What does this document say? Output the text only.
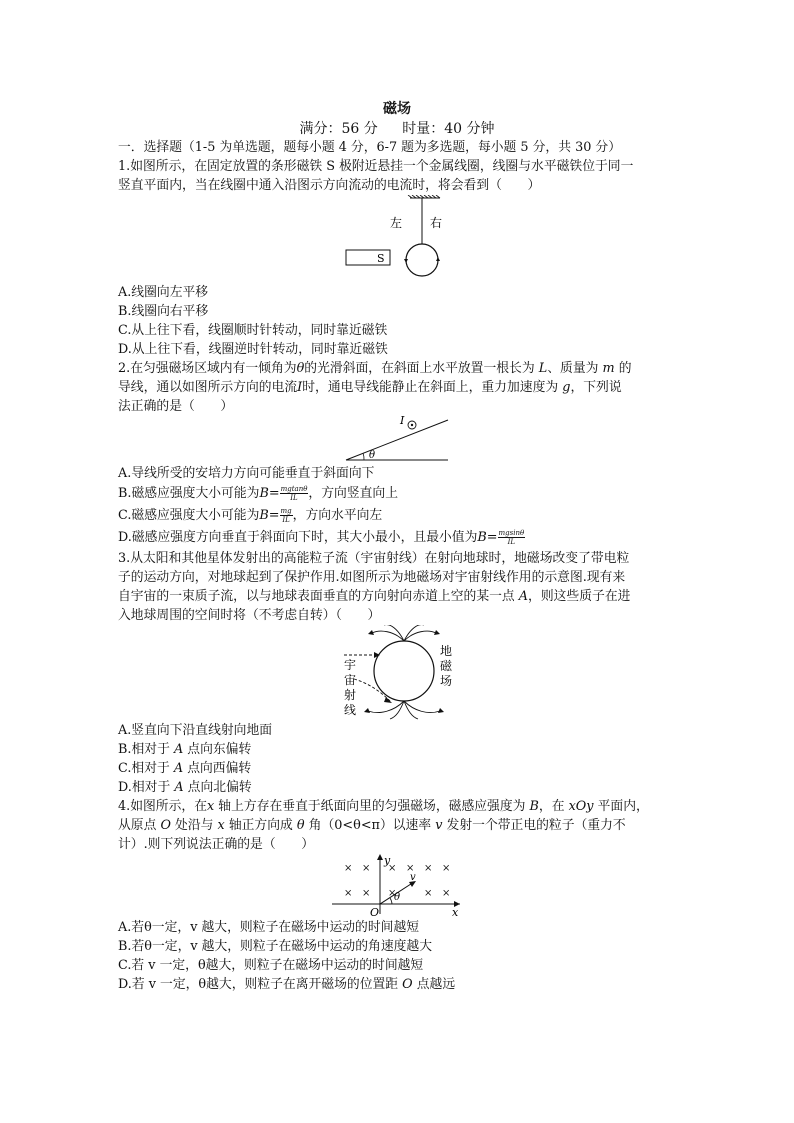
磁场
满分：56 分 时量：40 分钟
一．选择题（1-5 为单选题，题每小题 4 分，6-7 题为多选题，每小题 5 分，共 30 分）
1.如图所示，在固定放置的条形磁铁 S 极附近悬挂一个金属线圈，线圈与水平磁铁位于同一
竖直平面内，当在线圈中通入沿图示方向流动的电流时，将会看到（　　）
左 右
S
A.线圈向左平移
B.线圈向右平移
C.从上往下看，线圈顺时针转动，同时靠近磁铁
D.从上往下看，线圈逆时针转动，同时靠近磁铁
2.在匀强磁场区域内有一倾角为θ的光滑斜面，在斜面上水平放置一根长为 L、质量为 m 的
导线，通以如图所示方向的电流I时，通电导线能静止在斜面上，重力加速度为 g，下列说
法正确的是（　　）
I
θ
A.导线所受的安培力方向可能垂直于斜面向下
B.磁感应强度大小可能为$B= \frac{mgtan\theta}{IL}$ ，方向竖直向上
C.磁感应强度大小可能为$B= \frac{mg}{IL}$ ，方向水平向左
D.磁感应强度方向垂直于斜面向下时，其大小最小，且最小值为$B= \frac{mgsin\theta}{IL}$
3.从太阳和其他星体发射出的高能粒子流（宇宙射线）在射向地球时，地磁场改变了带电粒
子的运动方向，对地球起到了保护作用.如图所示为地磁场对宇宙射线作用的示意图.现有来
自宇宙的一束质子流，以与地球表面垂直的方向射向赤道上空的某一点 A，则这些质子在进
入地球周围的空间时将（不考虑自转）（　　）
地
磁
场
宇
宙
射
线
A.竖直向下沿直线射向地面
B.相对于 A 点向东偏转
C.相对于 A 点向西偏转
D.相对于 A 点向北偏转
4.如图所示，在x 轴上方存在垂直于纸面向里的匀强磁场，磁感应强度为 B，在 xOy 平面内，
从原点 O 处沿与 x 轴正方向成 θ 角（0<θ<π）以速率 v 发射一个带正电的粒子（重力不
计）.则下列说法正确的是（　　）
× × × × × ×
× × ×	× ×
y
x
O
θ
v
A.若θ一定，v 越大，则粒子在磁场中运动的时间越短
B.若θ一定，v 越大，则粒子在磁场中运动的角速度越大
C.若 v 一定，θ越大，则粒子在磁场中运动的时间越短
D.若 v 一定，θ越大，则粒子在离开磁场的位置距 O 点越远
